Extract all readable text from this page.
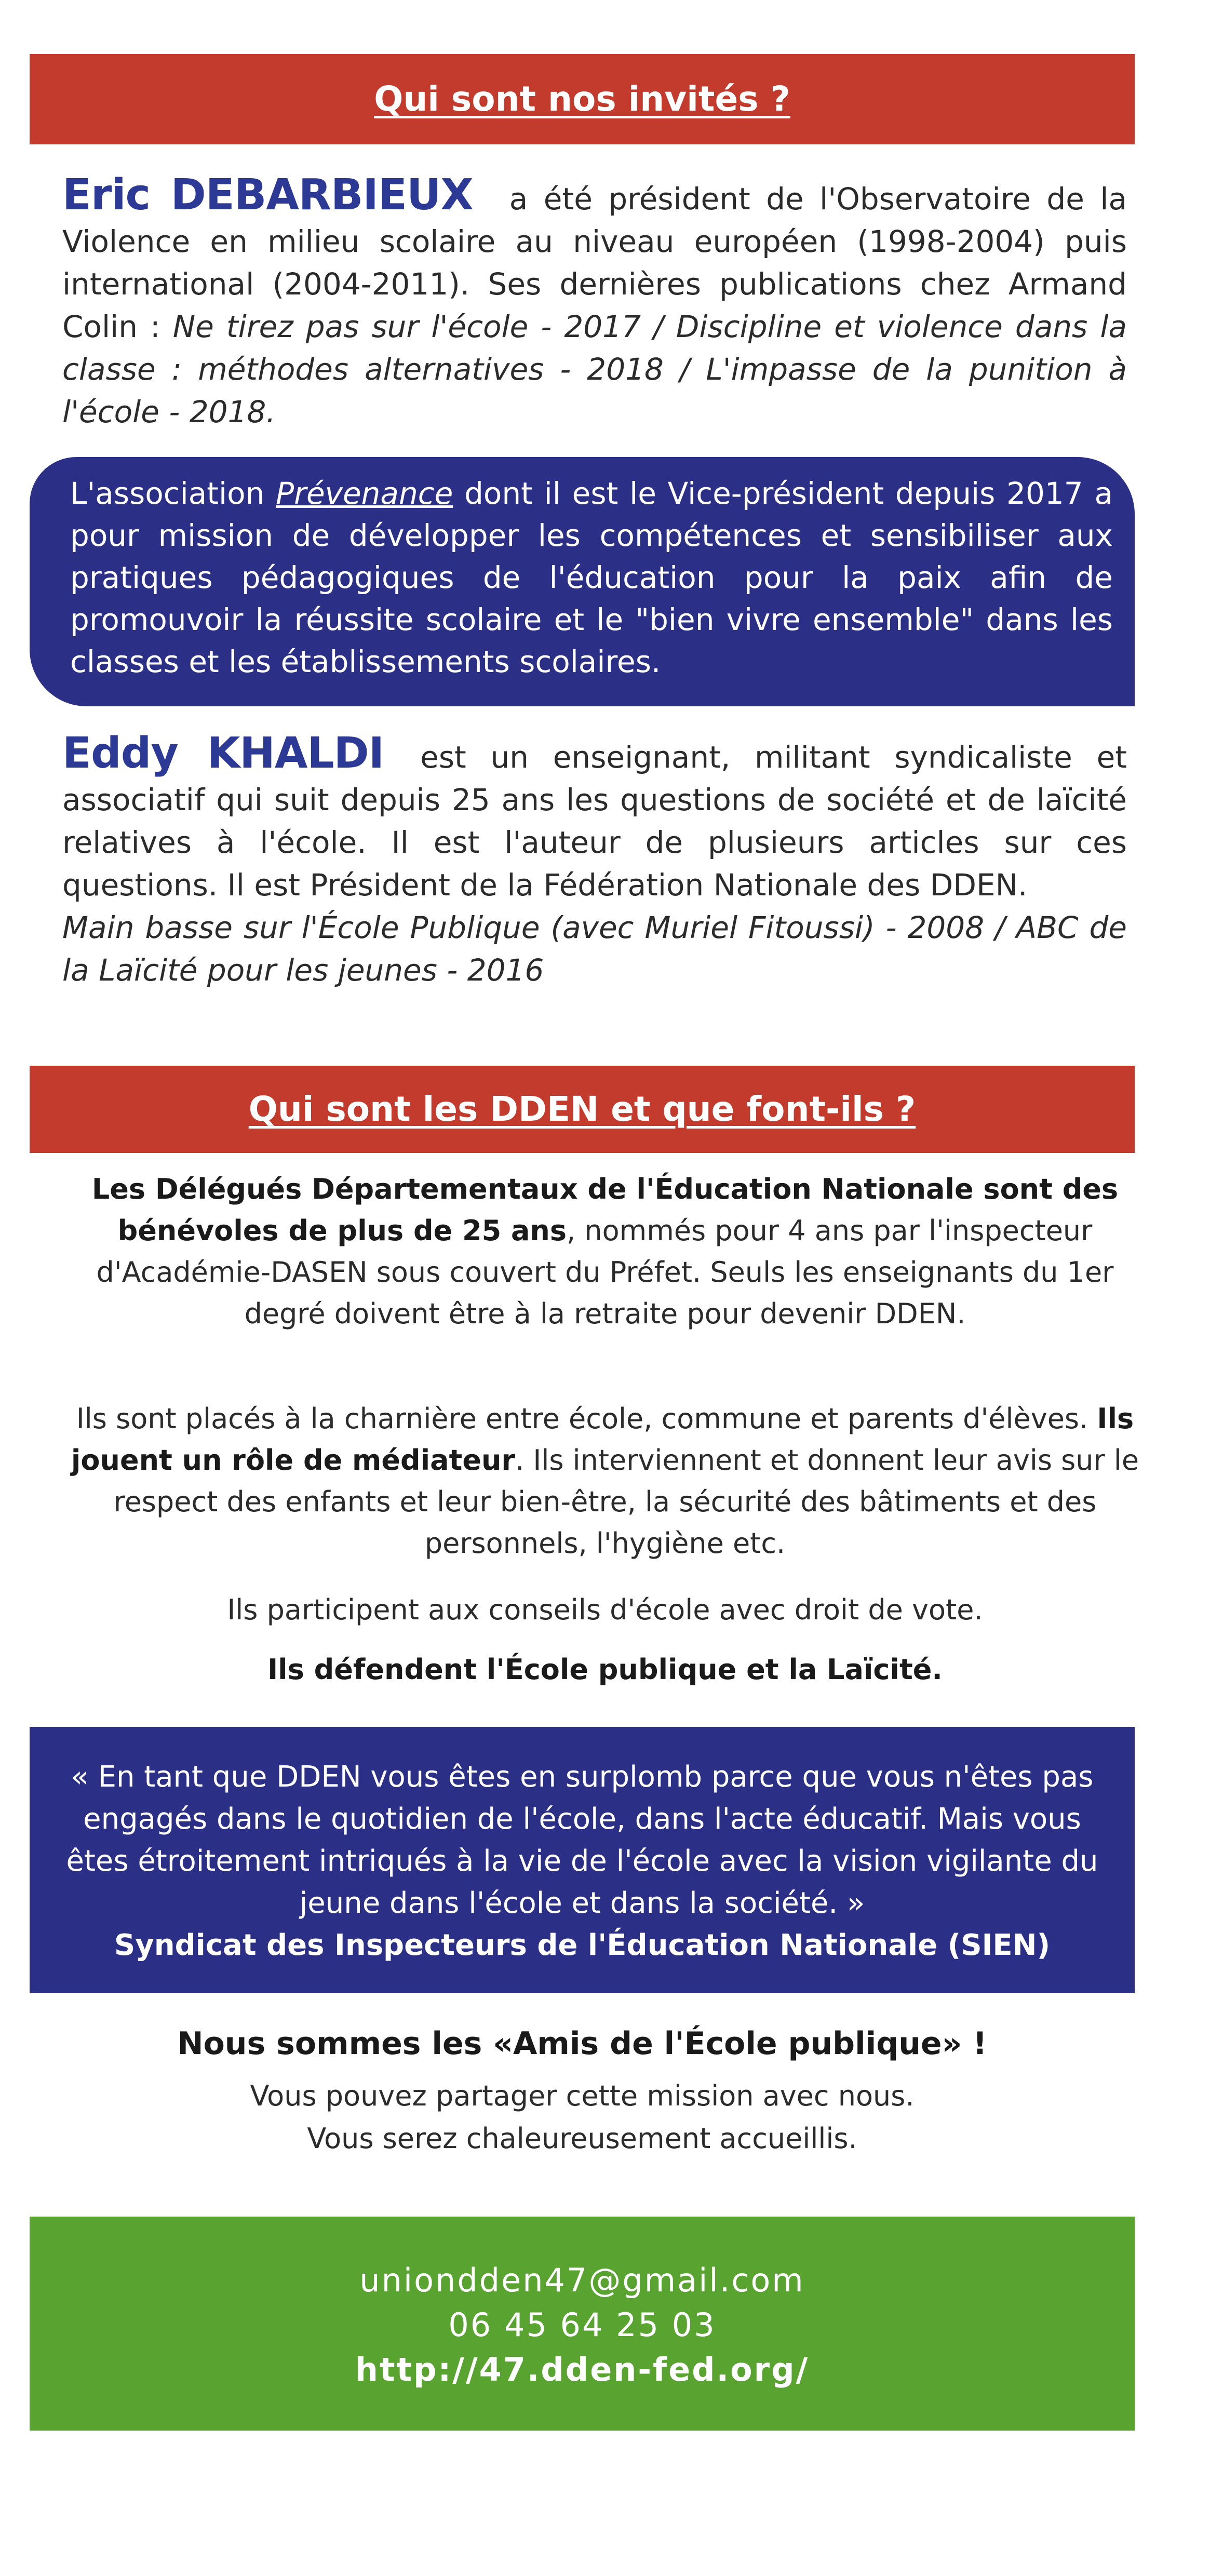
Qui sont nos invités ?
Eric DEBARBIEUX a été président de l'Observatoire de la Violence en milieu scolaire au niveau européen (1998-2004) puis international (2004-2011). Ses dernières publications chez Armand Colin : Ne tirez pas sur l'école - 2017 / Discipline et violence dans la classe : méthodes alternatives - 2018 / L'impasse de la punition à l'école - 2018.
L'association Prévenance dont il est le Vice-président depuis 2017 a pour mission de développer les compétences et sensibiliser aux pratiques pédagogiques de l'éducation pour la paix afin de promouvoir la réussite scolaire et le "bien vivre ensemble" dans les classes et les établissements scolaires.
Eddy KHALDI est un enseignant, militant syndicaliste et associatif qui suit depuis 25 ans les questions de société et de laïcité relatives à l'école. Il est l'auteur de plusieurs articles sur ces questions. Il est Président de la Fédération Nationale des DDEN.
Main basse sur l'École Publique (avec Muriel Fitoussi) - 2008 / ABC de la Laïcité pour les jeunes - 2016
Qui sont les DDEN et que font-ils ?
Les Délégués Départementaux de l'Éducation Nationale sont des bénévoles de plus de 25 ans, nommés pour 4 ans par l'inspecteur d'Académie-DASEN sous couvert du Préfet. Seuls les enseignants du 1er degré doivent être à la retraite pour devenir DDEN.
Ils sont placés à la charnière entre école, commune et parents d'élèves. Ils jouent un rôle de médiateur. Ils interviennent et donnent leur avis sur le respect des enfants et leur bien-être, la sécurité des bâtiments et des personnels, l'hygiène etc.
Ils participent aux conseils d'école avec droit de vote.
Ils défendent l'École publique et la Laïcité.
« En tant que DDEN vous êtes en surplomb parce que vous n'êtes pas engagés dans le quotidien de l'école, dans l'acte éducatif. Mais vous êtes étroitement intriqués à la vie de l'école avec la vision vigilante du jeune dans l'école et dans la société. »
Syndicat des Inspecteurs de l'Éducation Nationale (SIEN)
Nous sommes les «Amis de l'École publique» !
Vous pouvez partager cette mission avec nous.
Vous serez chaleureusement accueillis.
uniondden47@gmail.com
06 45 64 25 03
http://47.dden-fed.org/
